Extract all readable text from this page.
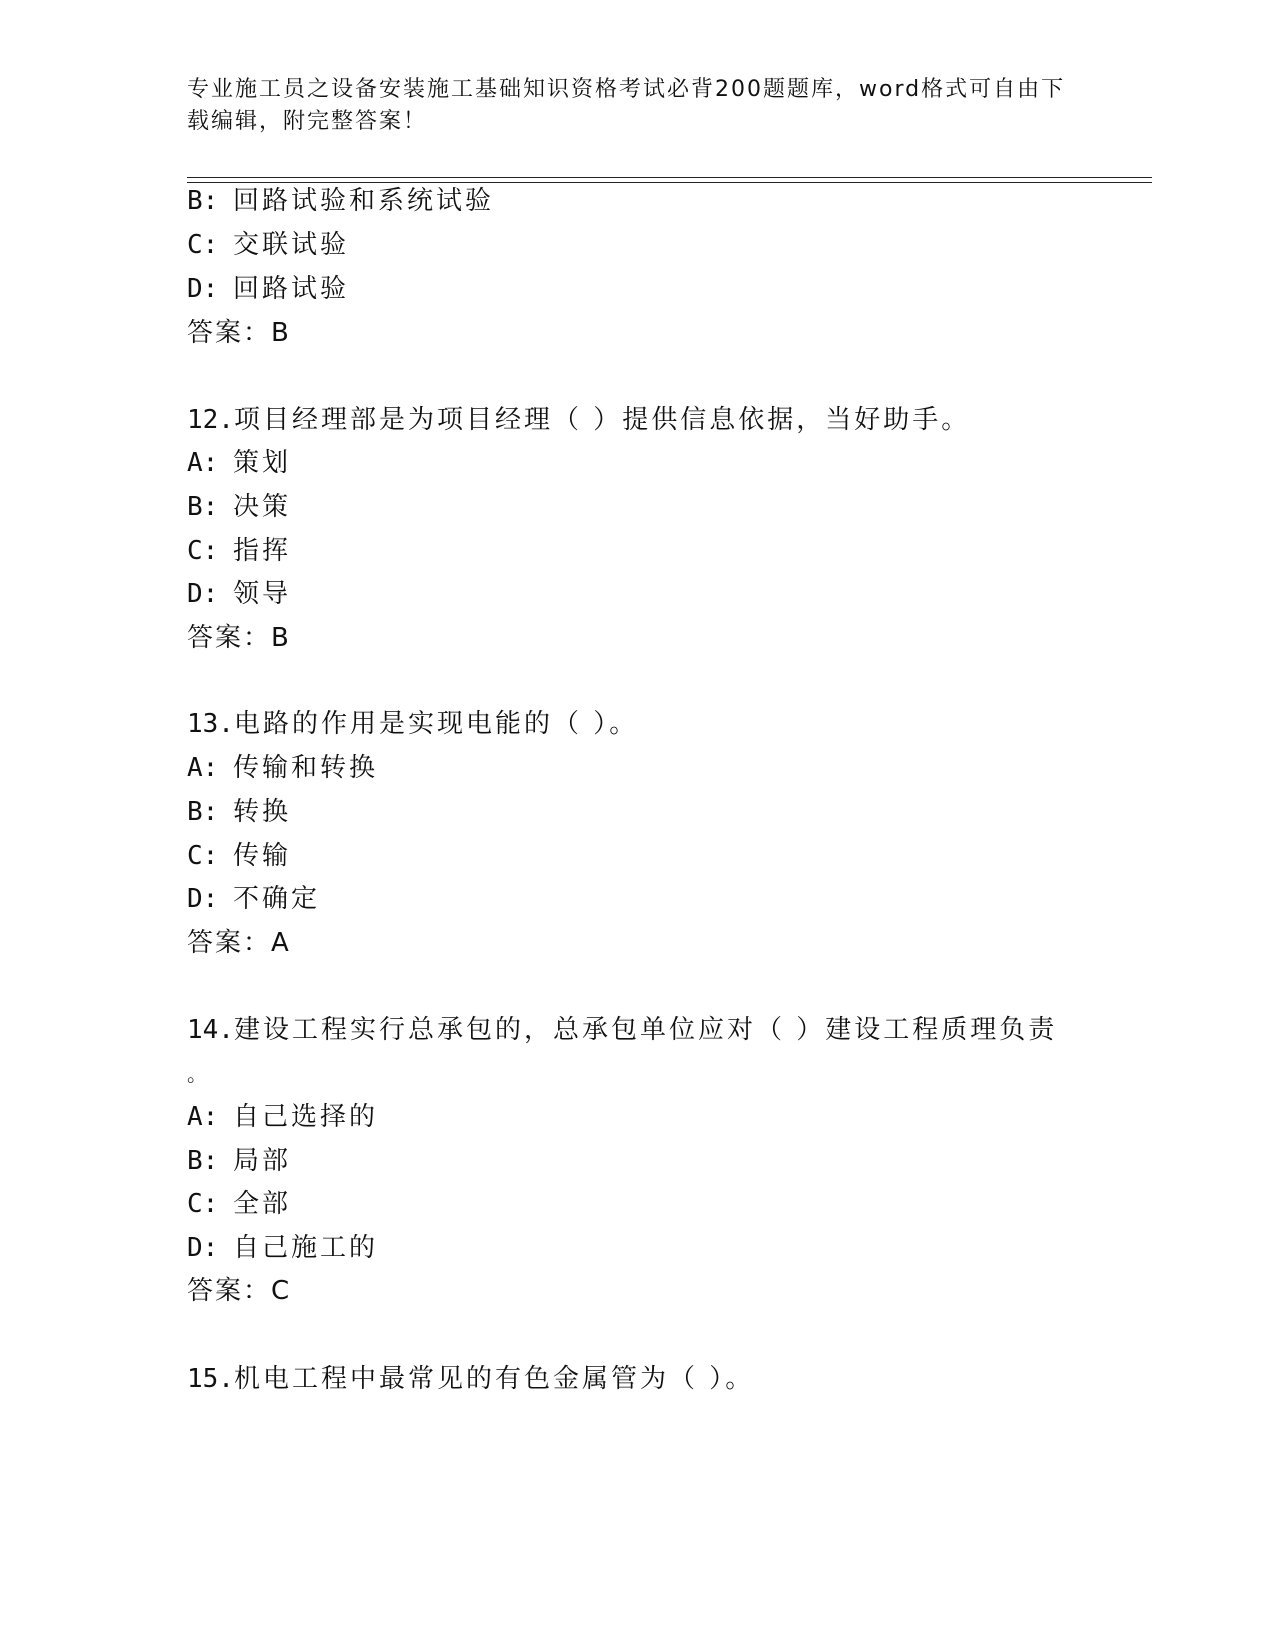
专业施工员之设备安装施工基础知识资格考试必背200题题库，word格式可自由下载编辑，附完整答案！
B: 回路试验和系统试验
C: 交联试验
D: 回路试验
答案：B
12.项目经理部是为项目经理（ ）提供信息依据，当好助手。
A: 策划
B: 决策
C: 指挥
D: 领导
答案：B
13.电路的作用是实现电能的（ ）。
A: 传输和转换
B: 转换
C: 传输
D: 不确定
答案：A
14.建设工程实行总承包的，总承包单位应对（ ）建设工程质理负责
。
A: 自己选择的
B: 局部
C: 全部
D: 自己施工的
答案：C
15.机电工程中最常见的有色金属管为（ ）。
